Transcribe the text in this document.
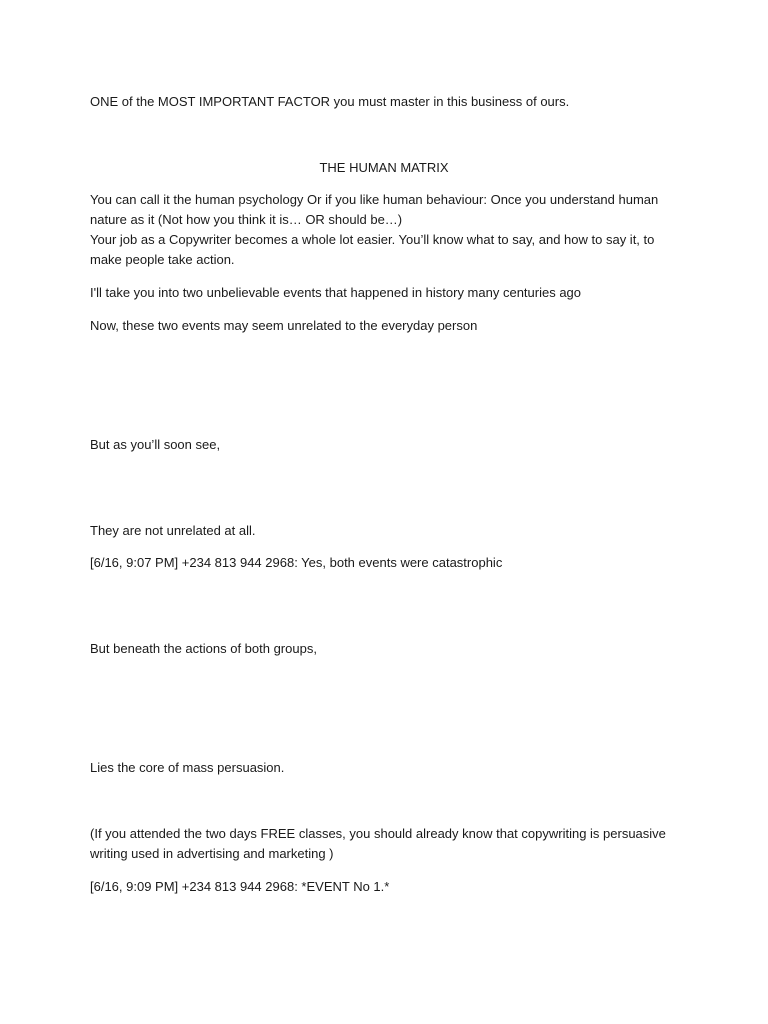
ONE of the MOST IMPORTANT FACTOR you must master in this business of ours.
THE HUMAN MATRIX
You can call it the human psychology Or if you like human behaviour: Once you understand human
nature as it (Not how you think it is… OR should be…)
Your job as a Copywriter becomes a whole lot easier. You’ll know what to say, and how to say it, to
make people take action.
I'll take you into two unbelievable events that happened in history many centuries ago
Now, these two events may seem unrelated to the everyday person
But as you’ll soon see,
They are not unrelated at all.
[6/16, 9:07 PM] +234 813 944 2968: Yes, both events were catastrophic
But beneath the actions of both groups,
Lies the core of mass persuasion.
(If you attended the two days FREE classes, you should already know that copywriting is persuasive
writing used in advertising and marketing )
[6/16, 9:09 PM] +234 813 944 2968: *EVENT No 1.*
